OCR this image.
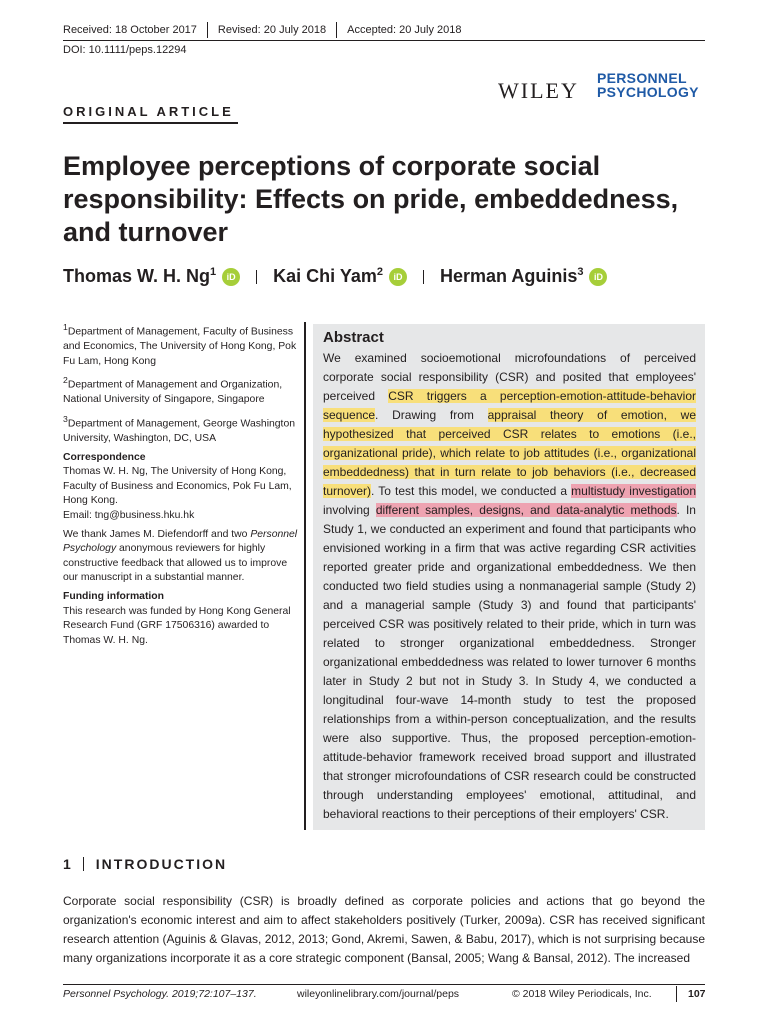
Received: 18 October 2017 Revised: 20 July 2018 Accepted: 20 July 2018
DOI: 10.1111/peps.12294
WILEY PERSONNEL
PSYCHOLOGY
ORIGINAL ARTICLE
Employee perceptions of corporate social responsibility: Effects on pride, embeddedness, and turnover
Thomas W. H. Ng$^1$	iD Kai Chi Yam$^2$	iD Herman Aguinis$^3$	iD

$^1$Department of Management, Faculty of Business and Economics, The University of Hong Kong, Pok Fu Lam, Hong Kong

$^2$Department of Management and Organization, National University of Singapore, Singapore

$^3$Department of Management, George Washington University, Washington, DC, USA

Correspondence
Thomas W. H. Ng, The University of Hong Kong, Faculty of Business and Economics, Pok Fu Lam, Hong Kong.

Email: tng@business.hku.hk

We thank James M. Diefendorff and two Personnel Psychology anonymous reviewers for highly constructive feedback that allowed us to improve our manuscript in a substantial manner.

Funding information
This research was funded by Hong Kong General Research Fund (GRF 17506316) awarded to Thomas W. H. Ng.
Abstract
We examined socioemotional microfoundations of perceived corporate social responsibility (CSR) and posited that employees' perceived CSR triggers a perception-emotion-attitude-behavior sequence. Drawing from appraisal theory of emotion, we hypothesized that perceived CSR relates to emotions (i.e., organizational pride), which relate to job attitudes (i.e., organizational embeddedness) that in turn relate to job behaviors (i.e., decreased turnover). To test this model, we conducted a multistudy investigation involving different samples, designs, and data-analytic methods. In Study 1, we conducted an experiment and found that participants who envisioned working in a firm that was active regarding CSR activities reported greater pride and organizational embeddedness. We then conducted two field studies using a nonmanagerial sample (Study 2) and a managerial sample (Study 3) and found that participants' perceived CSR was positively related to their pride, which in turn was related to stronger organizational embeddedness. Stronger organizational embeddedness was related to lower turnover 6 months later in Study 2 but not in Study 3. In Study 4, we conducted a longitudinal four-wave 14-month study to test the proposed relationships from a within-person conceptualization, and the results were also supportive. Thus, the proposed perception-emotion-attitude-behavior framework received broad support and illustrated that stronger microfoundations of CSR research could be constructed through understanding employees' emotional, attitudinal, and behavioral reactions to their perceptions of their employers' CSR.
1 INTRODUCTION
Corporate social responsibility (CSR) is broadly defined as corporate policies and actions that go beyond the organization's economic interest and aim to affect stakeholders positively (Turker, 2009a). CSR has received significant research attention (Aguinis & Glavas, 2012, 2013; Gond, Akremi, Sawen, & Babu, 2017), which is not surprising because many organizations incorporate it as a core strategic component (Bansal, 2005; Wang & Bansal, 2012). The increased
Personnel Psychology. 2019;72:107–137.	wileyonlinelibrary.com/journal/peps	© 2018 Wiley Periodicals, Inc.	107
